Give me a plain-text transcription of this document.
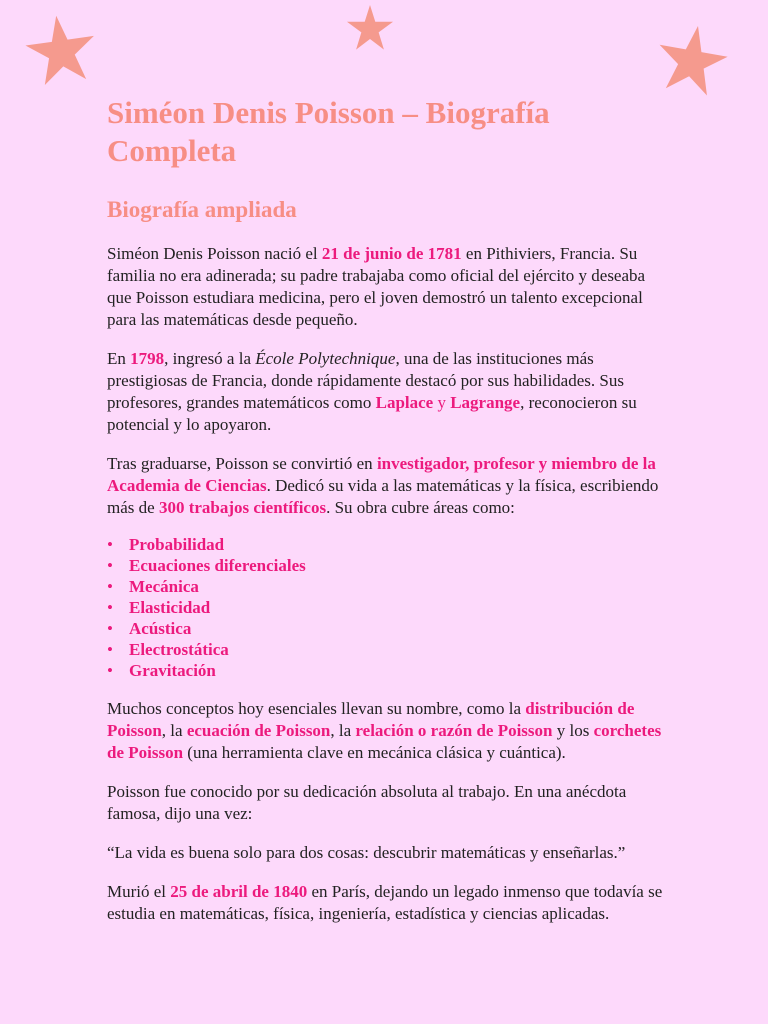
Siméon Denis Poisson – Biografía Completa
Biografía ampliada

Siméon Denis Poisson nació el 21 de junio de 1781 en Pithiviers, Francia. Su familia no era adinerada; su padre trabajaba como oficial del ejército y deseaba que Poisson estudiara medicina, pero el joven demostró un talento excepcional para las matemáticas desde pequeño.

En 1798, ingresó a la École Polytechnique, una de las instituciones más prestigiosas de Francia, donde rápidamente destacó por sus habilidades. Sus profesores, grandes matemáticos como Laplace y Lagrange, reconocieron su potencial y lo apoyaron.

Tras graduarse, Poisson se convirtió en investigador, profesor y miembro de la Academia de Ciencias. Dedicó su vida a las matemáticas y la física, escribiendo más de 300 trabajos científicos. Su obra cubre áreas como:

• Probabilidad
• Ecuaciones diferenciales
• Mecánica
• Elasticidad
• Acústica
• Electrostática
• Gravitación

Muchos conceptos hoy esenciales llevan su nombre, como la distribución de Poisson, la ecuación de Poisson, la relación o razón de Poisson y los corchetes de Poisson (una herramienta clave en mecánica clásica y cuántica).

Poisson fue conocido por su dedicación absoluta al trabajo. En una anécdota famosa, dijo una vez:

“La vida es buena solo para dos cosas: descubrir matemáticas y enseñarlas.”

Murió el 25 de abril de 1840 en París, dejando un legado inmenso que todavía se estudia en matemáticas, física, ingeniería, estadística y ciencias aplicadas.
